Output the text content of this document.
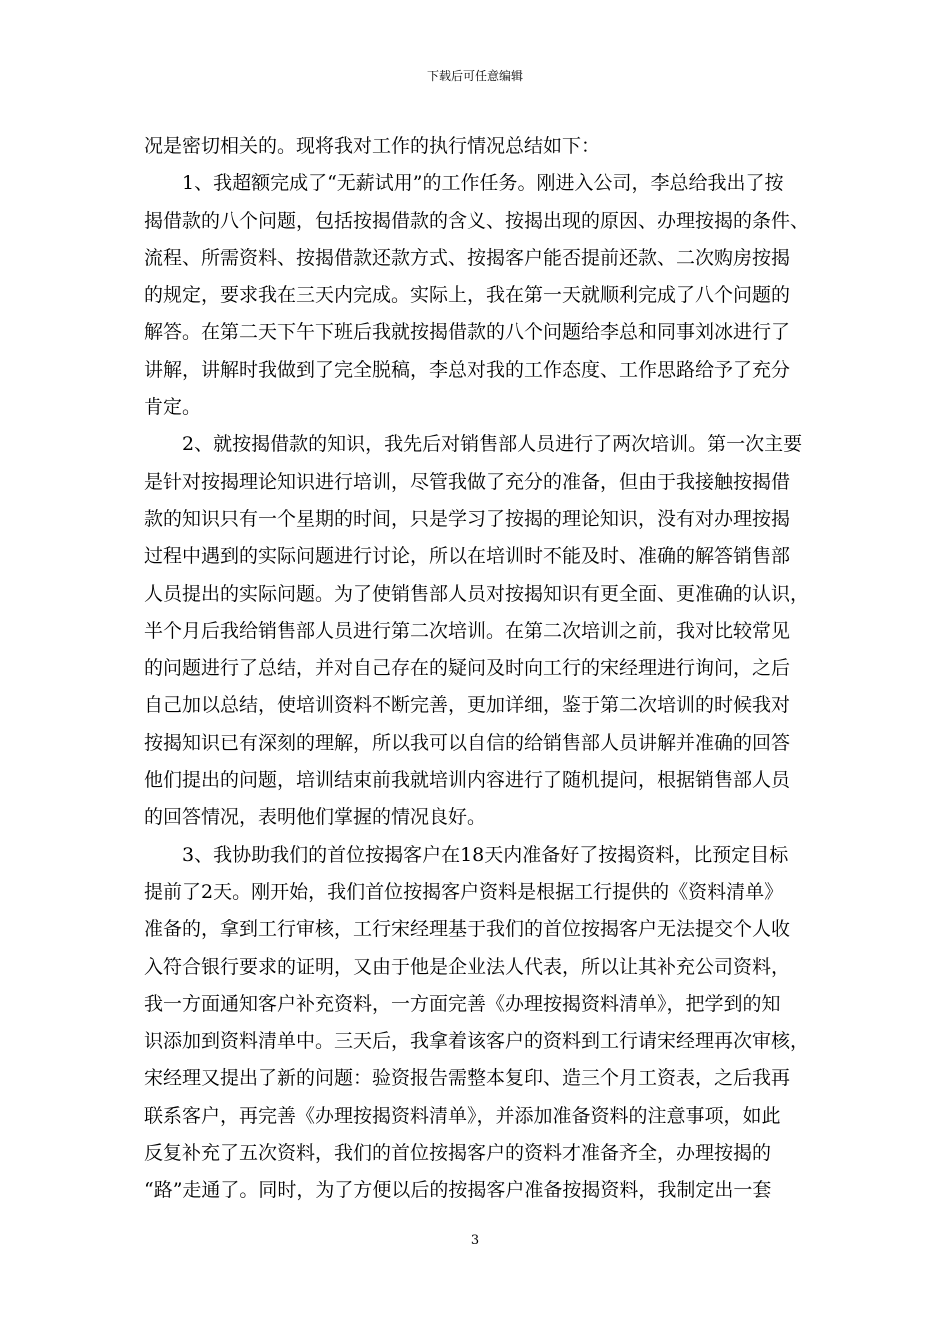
下载后可任意编辑
况是密切相关的。现将我对工作的执行情况总结如下：
1、我超额完成了“无薪试用”的工作任务。刚进入公司，李总给我出了按
揭借款的八个问题，包括按揭借款的含义、按揭出现的原因、办理按揭的条件、
流程、所需资料、按揭借款还款方式、按揭客户能否提前还款、二次购房按揭
的规定，要求我在三天内完成。实际上，我在第一天就顺利完成了八个问题的
解答。在第二天下午下班后我就按揭借款的八个问题给李总和同事刘冰进行了
讲解，讲解时我做到了完全脱稿，李总对我的工作态度、工作思路给予了充分
肯定。
2、就按揭借款的知识，我先后对销售部人员进行了两次培训。第一次主要
是针对按揭理论知识进行培训，尽管我做了充分的准备，但由于我接触按揭借
款的知识只有一个星期的时间，只是学习了按揭的理论知识，没有对办理按揭
过程中遇到的实际问题进行讨论，所以在培训时不能及时、准确的解答销售部
人员提出的实际问题。为了使销售部人员对按揭知识有更全面、更准确的认识，
半个月后我给销售部人员进行第二次培训。在第二次培训之前，我对比较常见
的问题进行了总结，并对自己存在的疑问及时向工行的宋经理进行询问，之后
自己加以总结，使培训资料不断完善，更加详细，鉴于第二次培训的时候我对
按揭知识已有深刻的理解，所以我可以自信的给销售部人员讲解并准确的回答
他们提出的问题，培训结束前我就培训内容进行了随机提问，根据销售部人员
的回答情况，表明他们掌握的情况良好。
3、我协助我们的首位按揭客户在18天内准备好了按揭资料，比预定目标
提前了2天。刚开始，我们首位按揭客户资料是根据工行提供的《资料清单》
准备的，拿到工行审核，工行宋经理基于我们的首位按揭客户无法提交个人收
入符合银行要求的证明，又由于他是企业法人代表，所以让其补充公司资料，
我一方面通知客户补充资料，一方面完善《办理按揭资料清单》，把学到的知
识添加到资料清单中。三天后，我拿着该客户的资料到工行请宋经理再次审核，
宋经理又提出了新的问题：验资报告需整本复印、造三个月工资表，之后我再
联系客户，再完善《办理按揭资料清单》，并添加准备资料的注意事项，如此
反复补充了五次资料，我们的首位按揭客户的资料才准备齐全，办理按揭的
“路”走通了。同时，为了方便以后的按揭客户准备按揭资料，我制定出一套
3
